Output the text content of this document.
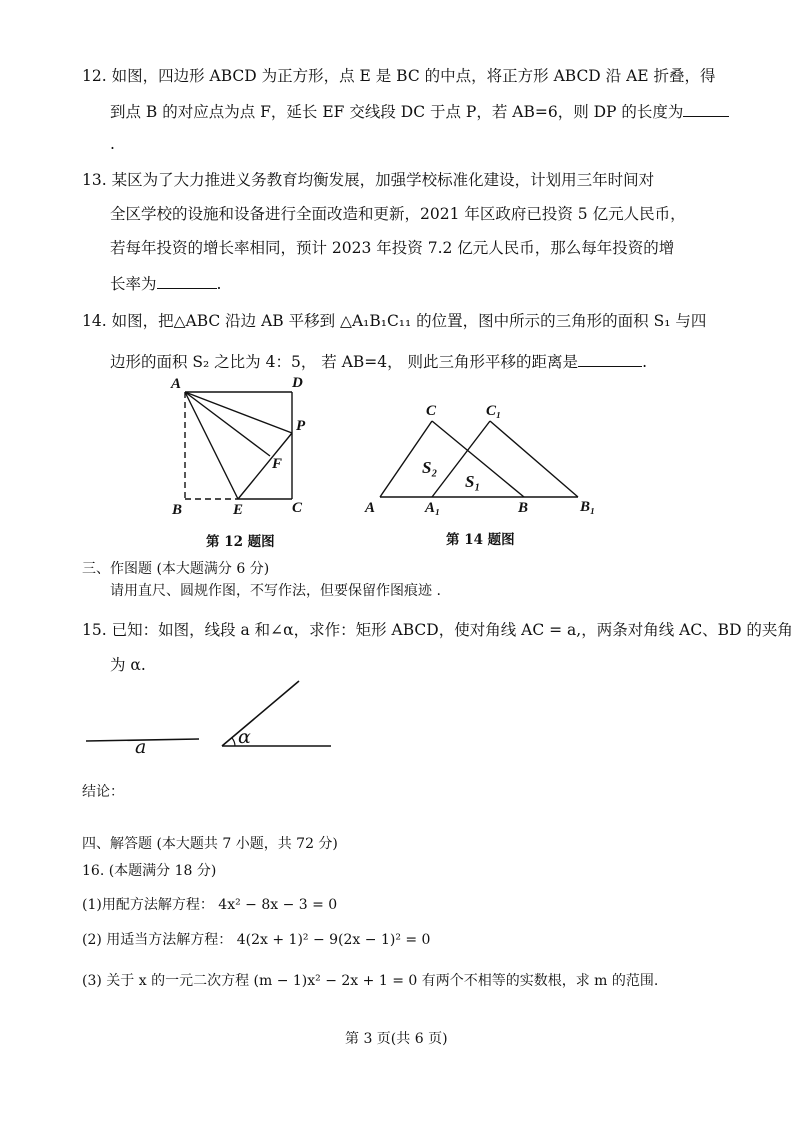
12. 如图，四边形 ABCD 为正方形，点 E 是 BC 的中点，将正方形 ABCD 沿 AE 折叠，得
到点 B 的对应点为点 F，延长 EF 交线段 DC 于点 P，若 AB=6，则 DP 的长度为
.
13. 某区为了大力推进义务教育均衡发展，加强学校标准化建设，计划用三年时间对
全区学校的设施和设备进行全面改造和更新，2021 年区政府已投资 5 亿元人民币，
若每年投资的增长率相同，预计 2023 年投资 7.2 亿元人民币，那么每年投资的增
长率为	.
14. 如图，把△ABC 沿边 AB 平移到 △A₁B₁C₁₁ 的位置，图中所示的三角形的面积 S₁ 与四
边形的面积 S₂ 之比为 4：5， 若 AB=4， 则此三角形平移的距离是	.
A	D
P
F
B	E	C
第 12 题图
C	C₁
S₂
S₁
A	A₁	B	B₁
第 14 题图
三、作图题 (本大题满分 6 分)
请用直尺、圆规作图，不写作法，但要保留作图痕迹 .
15. 已知：如图，线段 a 和∠α，求作：矩形 ABCD，使对角线 AC = a,，两条对角线 AC、BD 的夹角
为 α.
a	α
结论：
四、解答题 (本大题共 7 小题，共 72 分)
16. (本题满分 18 分)
(1)用配方法解方程： 4x² − 8x − 3 = 0
(2) 用适当方法解方程： 4(2x + 1)² − 9(2x − 1)² = 0
(3) 关于 x 的一元二次方程 (m − 1)x² − 2x + 1 = 0 有两个不相等的实数根，求 m 的范围.
第 3 页(共 6 页)
